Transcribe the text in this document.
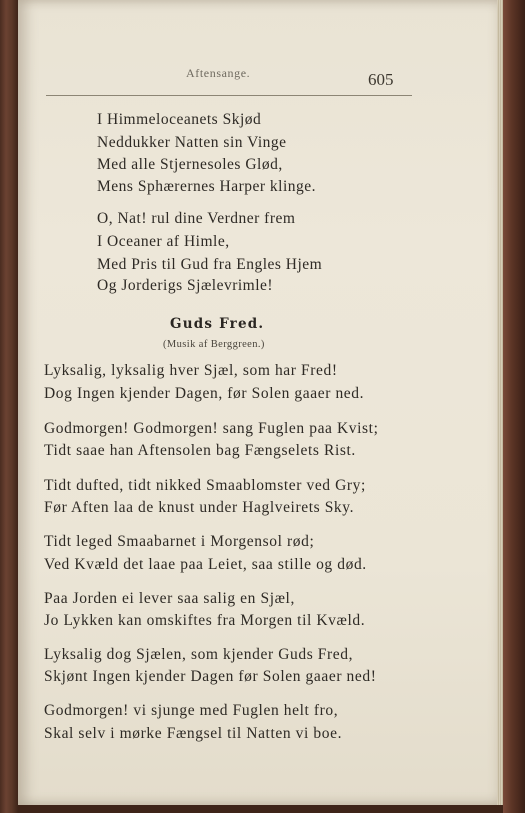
Aftensange.	605
I Himmeloceanets Skjød
Neddukker Natten sin Vinge
Med alle Stjernesoles Glød,
Mens Sphærernes Harper klinge.
O, Nat! rul dine Verdner frem
I Oceaner af Himle,
Med Pris til Gud fra Engles Hjem
Og Jorderigs Sjælevrimle!
Guds Fred.
(Musik af Berggreen.)
Lyksalig, lyksalig hver Sjæl, som har Fred!
Dog Ingen kjender Dagen, før Solen gaaer ned.
Godmorgen! Godmorgen! sang Fuglen paa Kvist;
Tidt saae han Aftensolen bag Fængselets Rist.
Tidt dufted, tidt nikked Smaablomster ved Gry;
Før Aften laa de knust under Haglveirets Sky.
Tidt leged Smaabarnet i Morgensol rød;
Ved Kvæld det laae paa Leiet, saa stille og død.
Paa Jorden ei lever saa salig en Sjæl,
Jo Lykken kan omskiftes fra Morgen til Kvæld.
Lyksalig dog Sjælen, som kjender Guds Fred,
Skjønt Ingen kjender Dagen før Solen gaaer ned!
Godmorgen! vi sjunge med Fuglen helt fro,
Skal selv i mørke Fængsel til Natten vi boe.
